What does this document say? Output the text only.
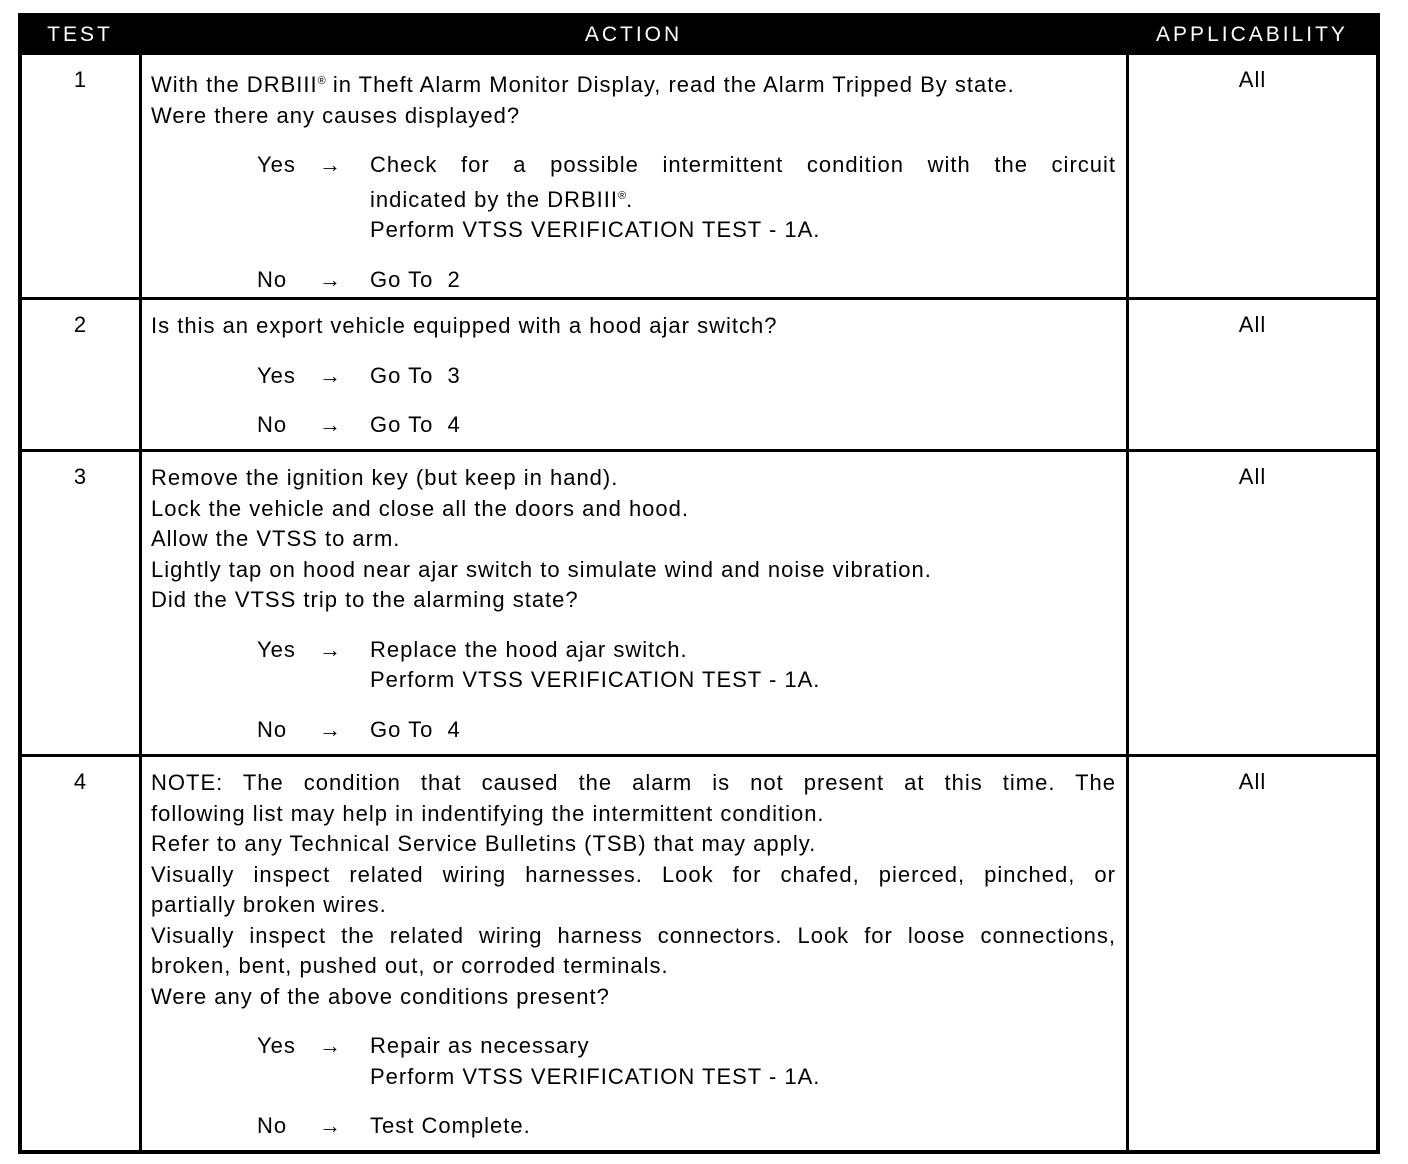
TEST	ACTION	APPLICABILITY
1	With the DRBIII® in Theft Alarm Monitor Display, read the Alarm Tripped By state.
Were there any causes displayed?
Yes → Check for a possible intermittent condition with the circuit
indicated by the DRBIII®.
Perform VTSS VERIFICATION TEST - 1A.
No → Go To  2
All
2	Is this an export vehicle equipped with a hood ajar switch?
Yes → Go To  3
No → Go To  4
All
3	Remove the ignition key (but keep in hand).
Lock the vehicle and close all the doors and hood.
Allow the VTSS to arm.
Lightly tap on hood near ajar switch to simulate wind and noise vibration.
Did the VTSS trip to the alarming state?
Yes → Replace the hood ajar switch.
Perform VTSS VERIFICATION TEST - 1A.
No → Go To  4
All
4	NOTE: The condition that caused the alarm is not present at this time. The
following list may help in indentifying the intermittent condition.
Refer to any Technical Service Bulletins (TSB) that may apply.
Visually inspect related wiring harnesses. Look for chafed, pierced, pinched, or
partially broken wires.
Visually inspect the related wiring harness connectors. Look for loose connections,
broken, bent, pushed out, or corroded terminals.
Were any of the above conditions present?
Yes → Repair as necessary
Perform VTSS VERIFICATION TEST - 1A.
No → Test Complete.
All
